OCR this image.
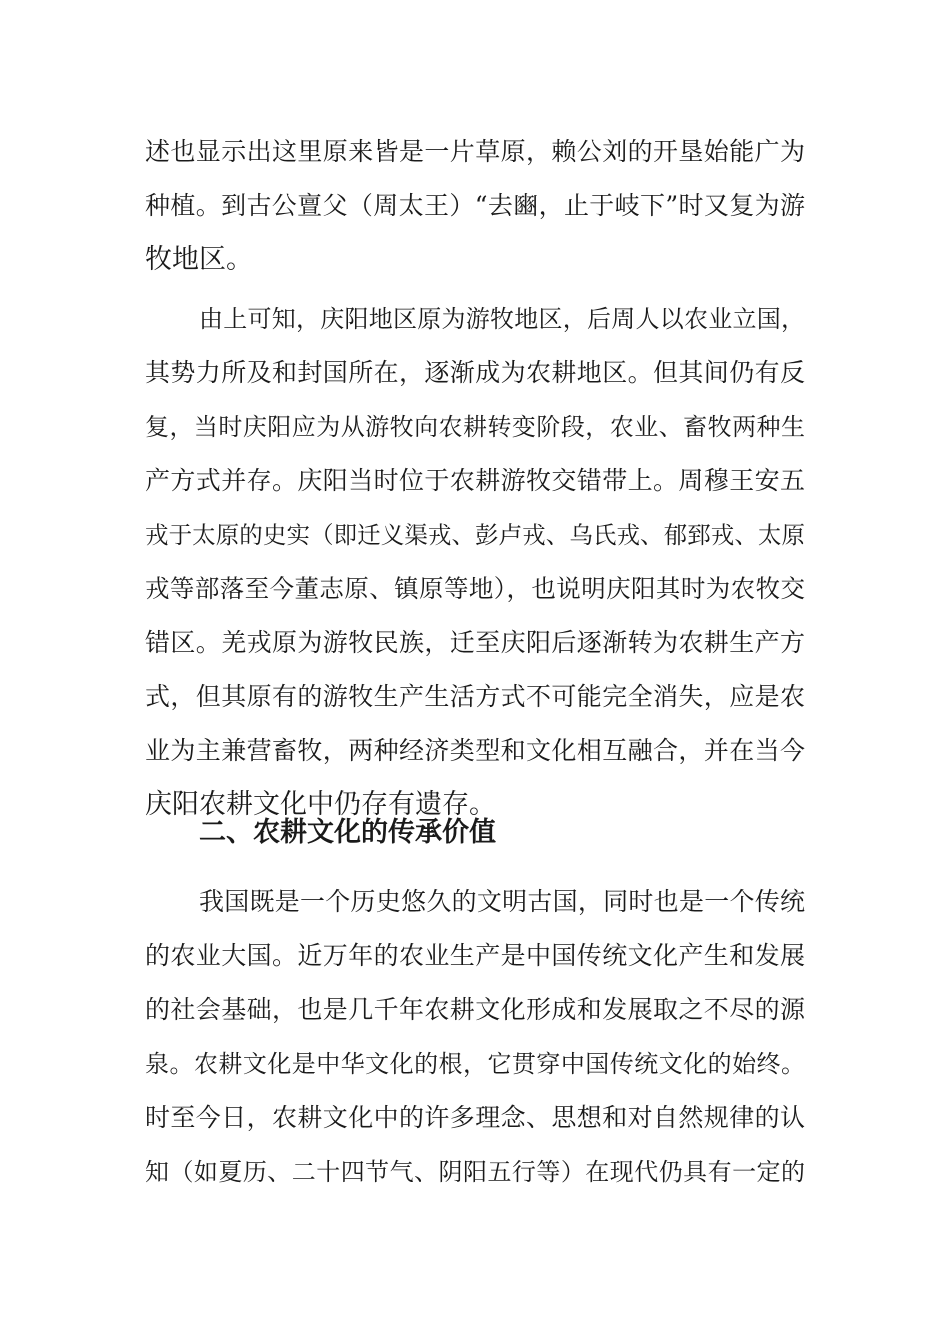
述也显示出这里原来皆是一片草原，赖公刘的开垦始能广为
种植。到古公亶父（周太王）“去豳，止于岐下”时又复为游
牧地区。
由上可知，庆阳地区原为游牧地区，后周人以农业立国，
其势力所及和封国所在，逐渐成为农耕地区。但其间仍有反
复，当时庆阳应为从游牧向农耕转变阶段，农业、畜牧两种生
产方式并存。庆阳当时位于农耕游牧交错带上。周穆王安五
戎于太原的史实（即迁义渠戎、彭卢戎、乌氏戎、郁郅戎、太原
戎等部落至今董志原、镇原等地），也说明庆阳其时为农牧交
错区。羌戎原为游牧民族，迁至庆阳后逐渐转为农耕生产方
式，但其原有的游牧生产生活方式不可能完全消失，应是农
业为主兼营畜牧，两种经济类型和文化相互融合，并在当今
庆阳农耕文化中仍存有遗存。
二、农耕文化的传承价值
我国既是一个历史悠久的文明古国，同时也是一个传统
的农业大国。近万年的农业生产是中国传统文化产生和发展
的社会基础，也是几千年农耕文化形成和发展取之不尽的源
泉。农耕文化是中华文化的根，它贯穿中国传统文化的始终。
时至今日，农耕文化中的许多理念、思想和对自然规律的认
知（如夏历、二十四节气、阴阳五行等）在现代仍具有一定的
